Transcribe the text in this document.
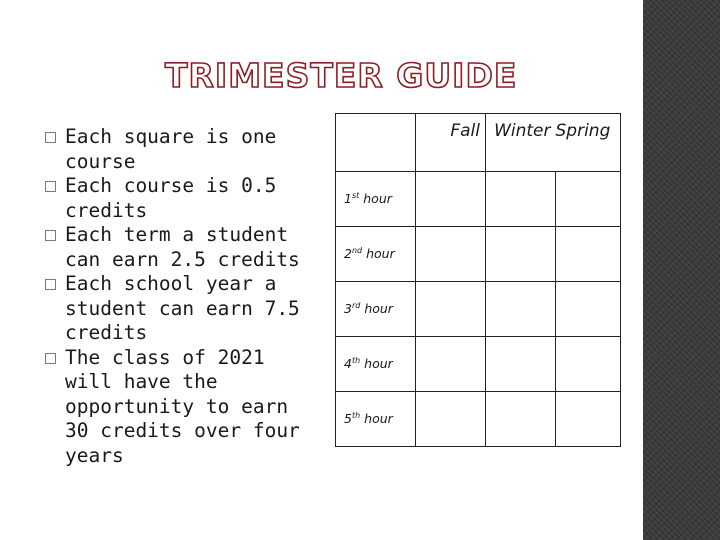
TRIMESTER GUIDE
Each square is one course
Each course is 0.5 credits
Each term a student can earn 2.5 credits
Each school year a student can earn 7.5 credits
The class of 2021 will have the opportunity to earn 30 credits over four years
	Fall	Winter	Spring
1st hour			
2nd hour			
3rd hour			
4th hour			
5th hour			
